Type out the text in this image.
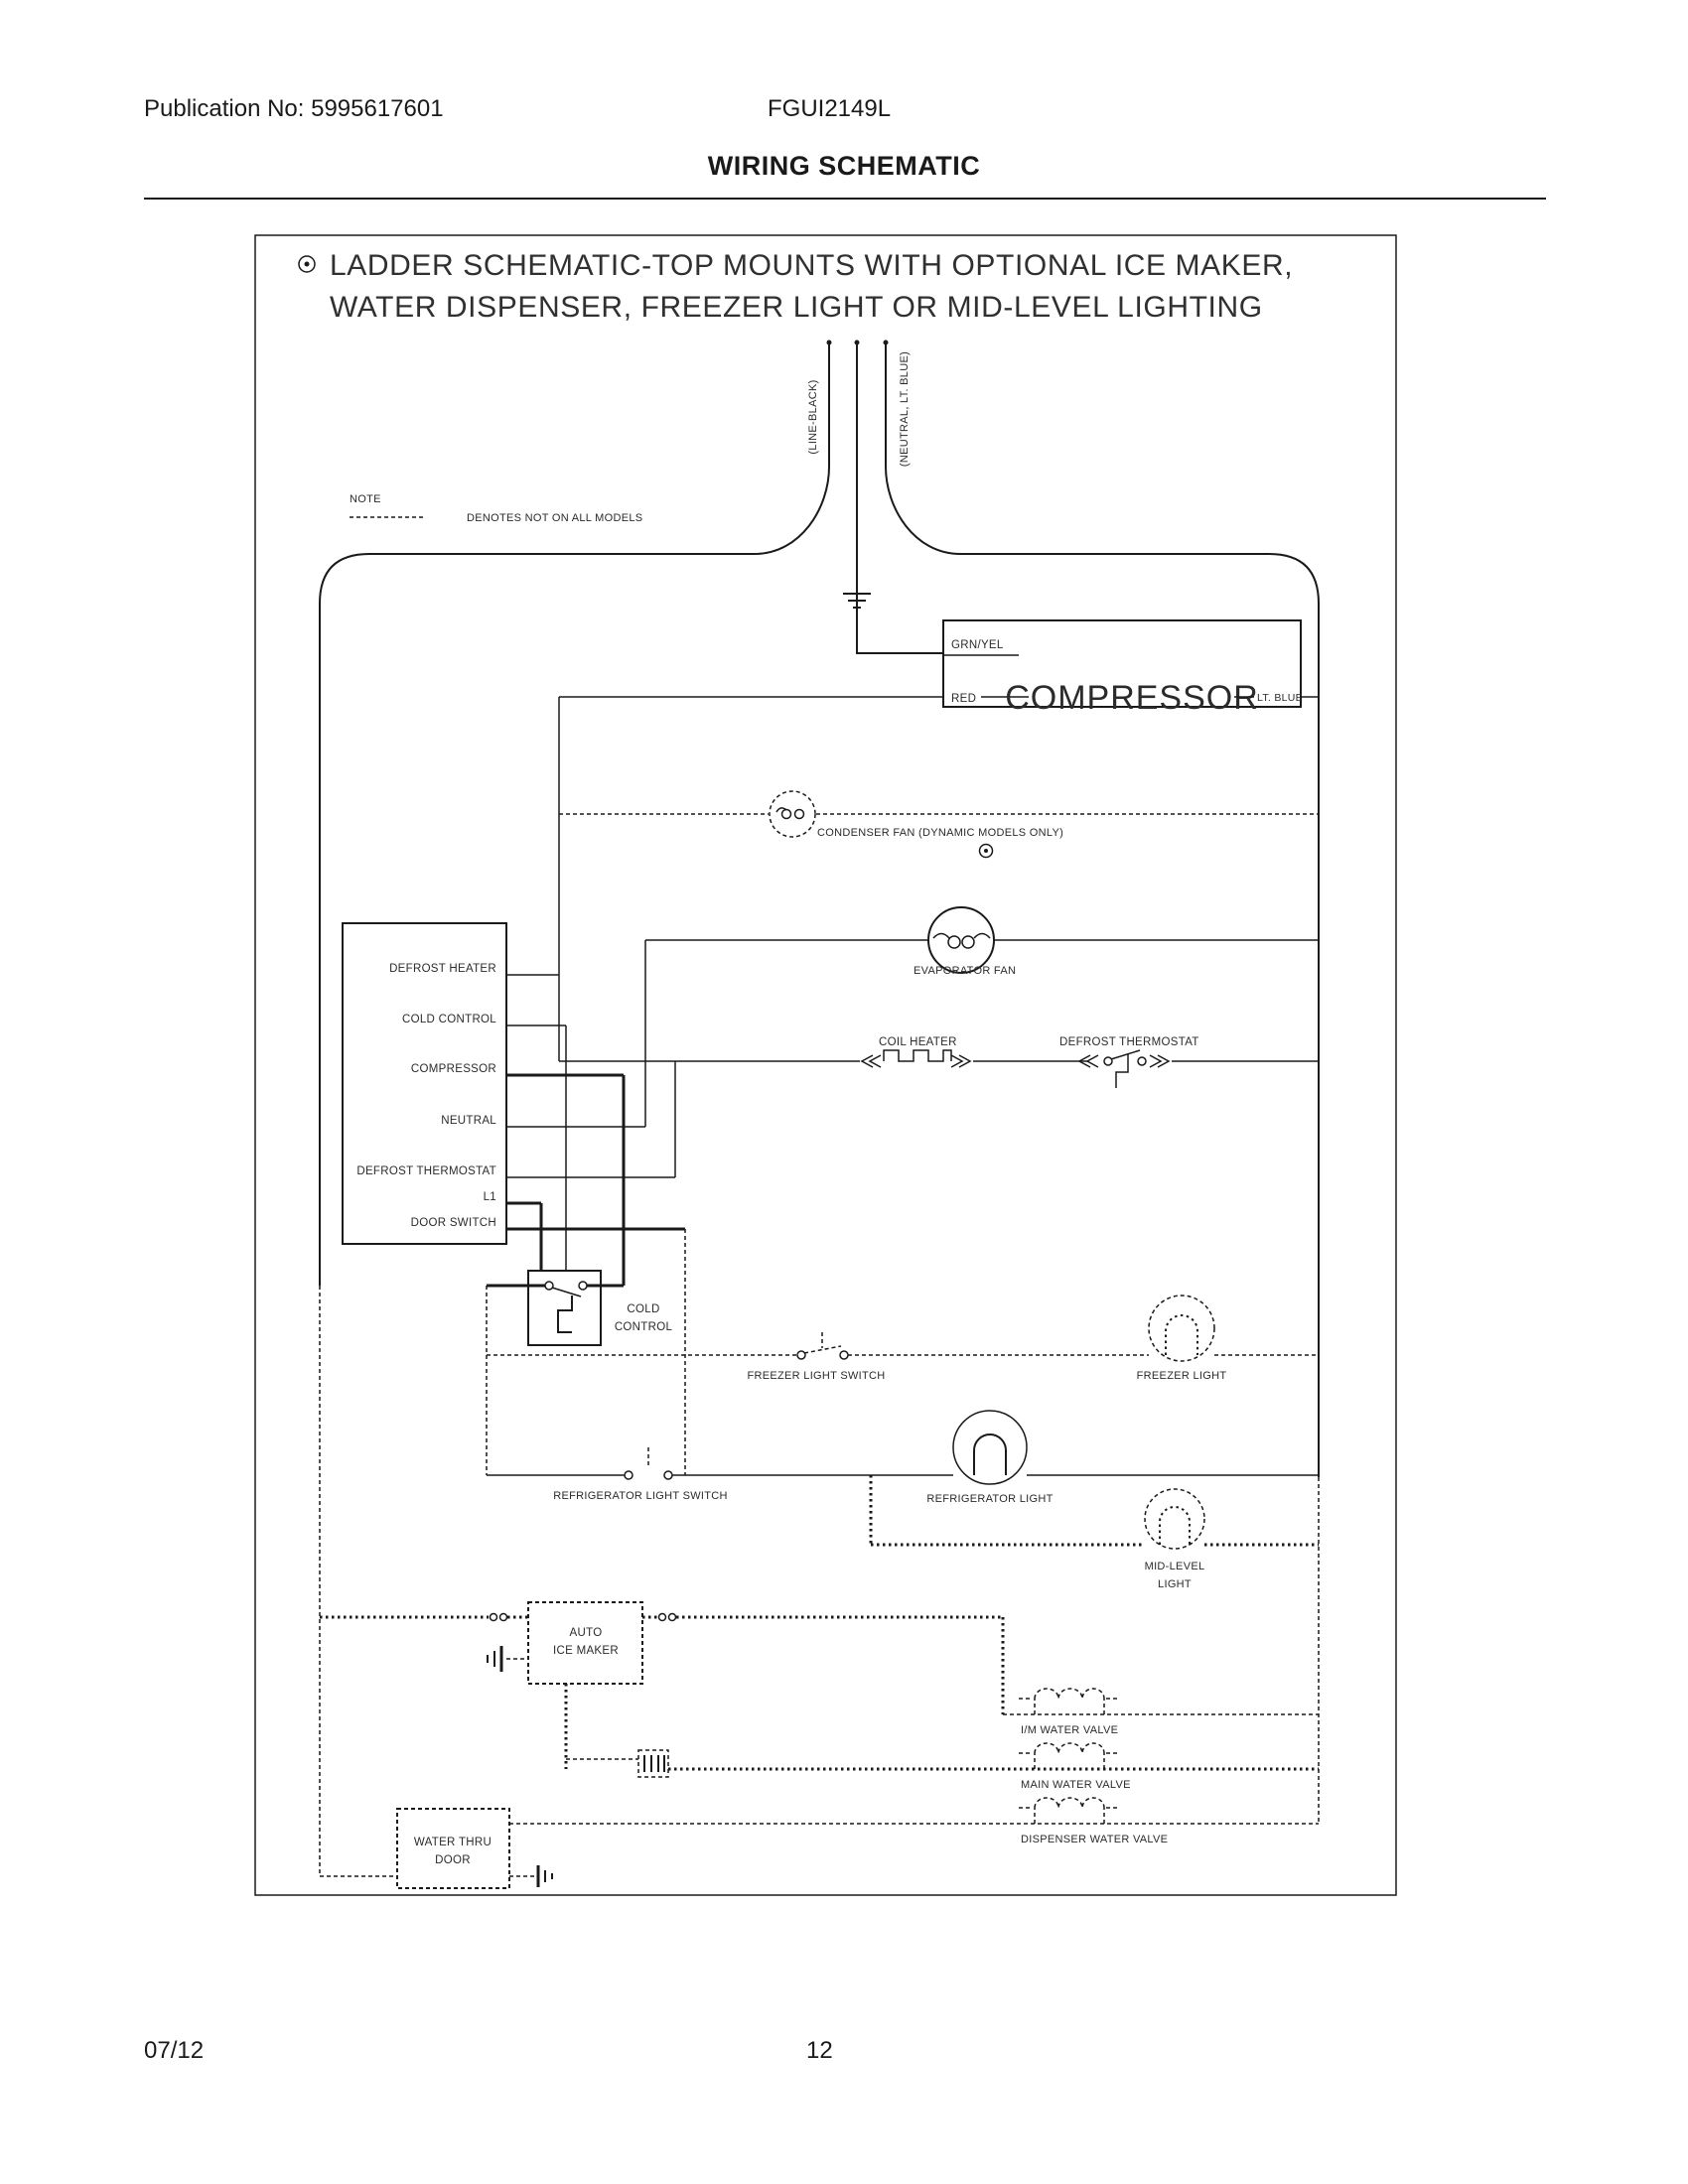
Publication No: 5995617601	FGUI2149L
WIRING SCHEMATIC
LADDER SCHEMATIC-TOP MOUNTS WITH OPTIONAL ICE MAKER,
WATER DISPENSER, FREEZER LIGHT OR MID-LEVEL LIGHTING
NOTE
DENOTES NOT ON ALL MODELS
(LINE-BLACK)	(NEUTRAL, LT. BLUE)
GRN/YEL
RED COMPRESSOR
LT. BLUE
CONDENSER FAN (DYNAMIC MODELS ONLY)
EVAPORATOR FAN
COIL HEATER	DEFROST THERMOSTAT
DEFROST HEATER
COLD CONTROL
COMPRESSOR
NEUTRAL
DEFROST THERMOSTAT
L1
DOOR SWITCH
COLD
CONTROL
FREEZER LIGHT SWITCH	FREEZER LIGHT
REFRIGERATOR LIGHT SWITCH	REFRIGERATOR LIGHT
MID-LEVEL
LIGHT
AUTO
ICE MAKER
I/M WATER VALVE
MAIN WATER VALVE
DISPENSER WATER VALVE
WATER THRU
DOOR
07/12	12
